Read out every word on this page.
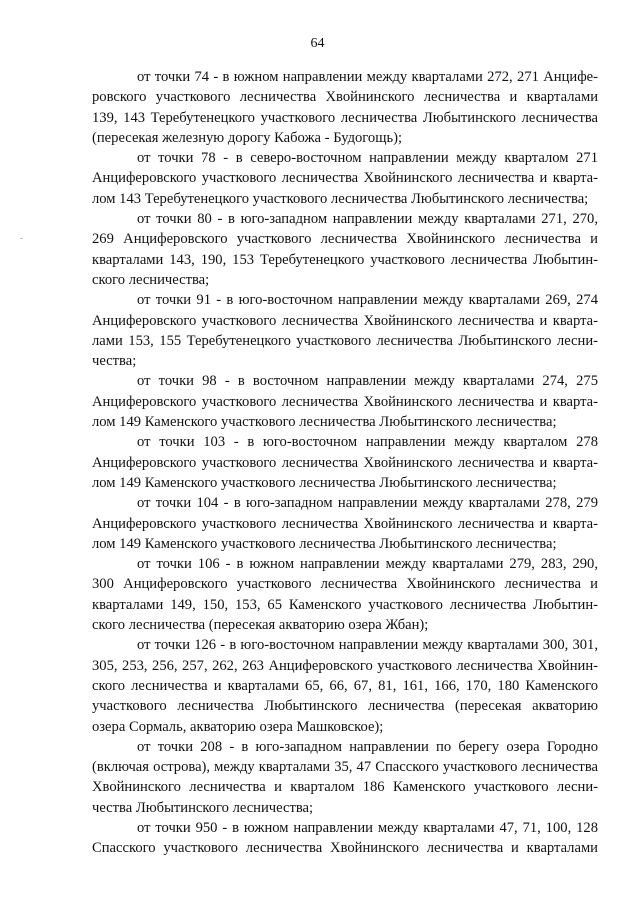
64
от точки 74 - в южном направлении между кварталами 272, 271 Анцифе-
ровского участкового лесничества Хвойнинского лесничества и кварталами
139, 143 Теребутенецкого участкового лесничества Любытинского лесничества
(пересекая железную дорогу Кабожа - Будогощь);
от точки 78 - в северо-восточном направлении между кварталом 271
Анциферовского участкового лесничества Хвойнинского лесничества и кварта-
лом 143 Теребутенецкого участкового лесничества Любытинского лесничества;
от точки 80 - в юго-западном направлении между кварталами 271, 270,
269 Анциферовского участкового лесничества Хвойнинского лесничества и
кварталами 143, 190, 153 Теребутенецкого участкового лесничества Любытин-
ского лесничества;
от точки 91 - в юго-восточном направлении между кварталами 269, 274
Анциферовского участкового лесничества Хвойнинского лесничества и кварта-
лами 153, 155 Теребутенецкого участкового лесничества Любытинского лесни-
чества;
от точки 98 - в восточном направлении между кварталами 274, 275
Анциферовского участкового лесничества Хвойнинского лесничества и кварта-
лом 149 Каменского участкового лесничества Любытинского лесничества;
от точки 103 - в юго-восточном направлении между кварталом 278
Анциферовского участкового лесничества Хвойнинского лесничества и кварта-
лом 149 Каменского участкового лесничества Любытинского лесничества;
от точки 104 - в юго-западном направлении между кварталами 278, 279
Анциферовского участкового лесничества Хвойнинского лесничества и кварта-
лом 149 Каменского участкового лесничества Любытинского лесничества;
от точки 106 - в южном направлении между кварталами 279, 283, 290,
300 Анциферовского участкового лесничества Хвойнинского лесничества и
кварталами 149, 150, 153, 65 Каменского участкового лесничества Любытин-
ского лесничества (пересекая акваторию озера Жбан);
от точки 126 - в юго-восточном направлении между кварталами 300, 301,
305, 253, 256, 257, 262, 263 Анциферовского участкового лесничества Хвойнин-
ского лесничества и кварталами 65, 66, 67, 81, 161, 166, 170, 180 Каменского
участкового лесничества Любытинского лесничества (пересекая акваторию
озера Сормаль, акваторию озера Машковское);
от точки 208 - в юго-западном направлении по берегу озера Городно
(включая острова), между кварталами 35, 47 Спасского участкового лесничества
Хвойнинского лесничества и кварталом 186 Каменского участкового лесни-
чества Любытинского лесничества;
от точки 950 - в южном направлении между кварталами 47, 71, 100, 128
Спасского участкового лесничества Хвойнинского лесничества и кварталами
